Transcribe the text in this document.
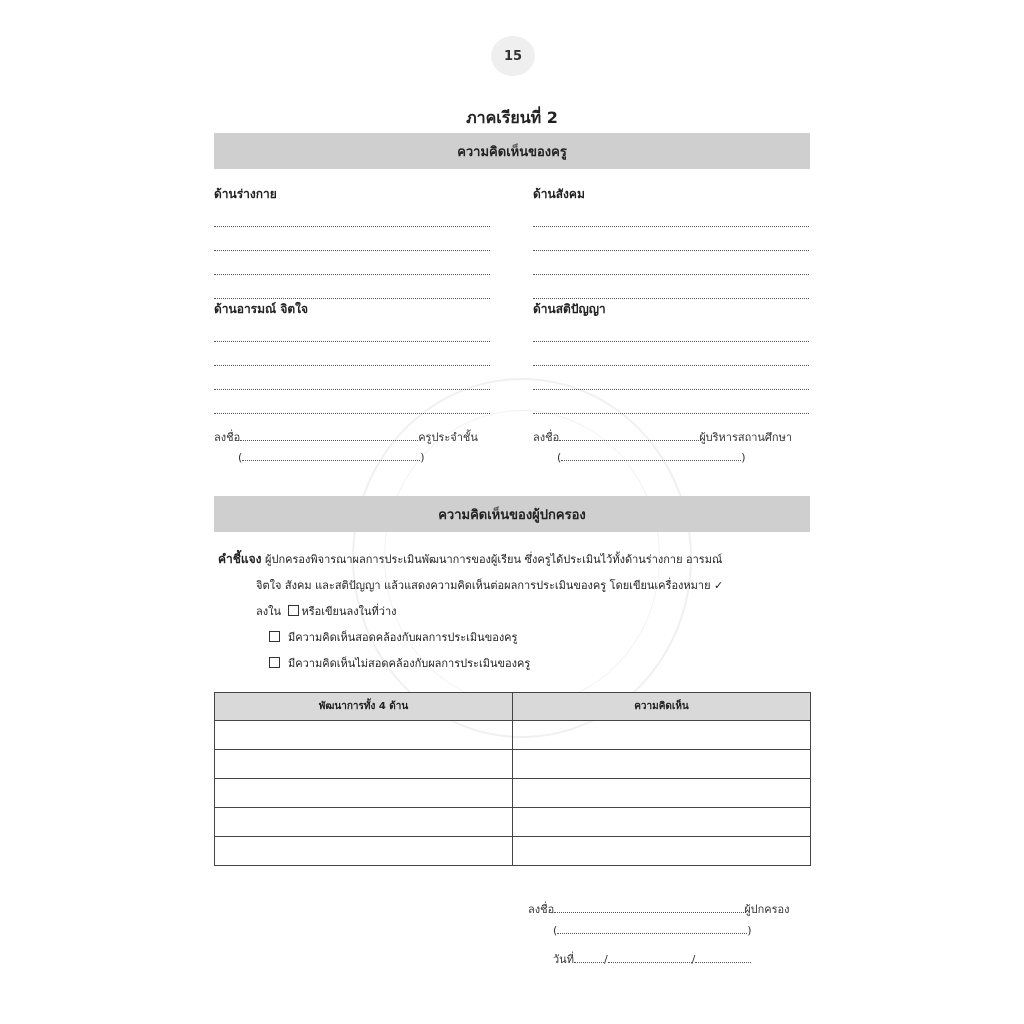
15
ภาคเรียนที่ 2
ความคิดเห็นของครู
ด้านร่างกาย	ด้านสังคม
ด้านอารมณ์ จิตใจ	ด้านสติปัญญา
ลงชื่อ	ครูประจำชั้น
(	)
ลงชื่อ	ผู้บริหารสถานศึกษา
(	)
ความคิดเห็นของผู้ปกครอง
คำชี้แจง ผู้ปกครองพิจารณาผลการประเมินพัฒนาการของผู้เรียน ซึ่งครูได้ประเมินไว้ทั้งด้านร่างกาย อารมณ์
จิตใจ สังคม และสติปัญญา แล้วแสดงความคิดเห็นต่อผลการประเมินของครู โดยเขียนเครื่องหมาย ✓
ลงใน หรือเขียนลงในที่ว่าง
มีความคิดเห็นสอดคล้องกับผลการประเมินของครู
มีความคิดเห็นไม่สอดคล้องกับผลการประเมินของครู
พัฒนาการทั้ง 4 ด้าน	ความคิดเห็น

ลงชื่อ	ผู้ปกครอง
(	)
วันที่	/	/
